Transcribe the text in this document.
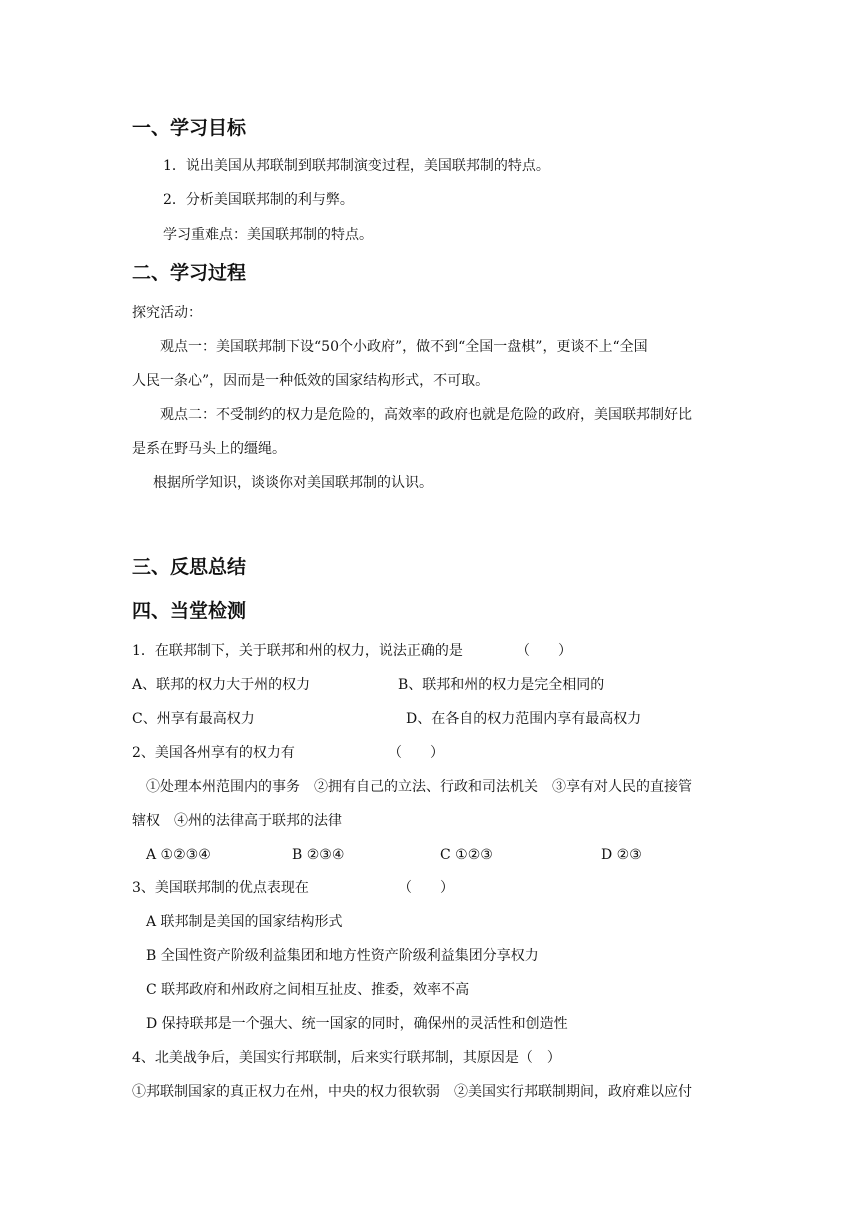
一、学习目标
1．说出美国从邦联制到联邦制演变过程，美国联邦制的特点。
2．分析美国联邦制的利与弊。
学习重难点：美国联邦制的特点。
二、学习过程
探究活动：
观点一：美国联邦制下设“50个小政府”，做不到“全国一盘棋”，更谈不上“全国
人民一条心”，因而是一种低效的国家结构形式，不可取。
观点二：不受制约的权力是危险的，高效率的政府也就是危险的政府，美国联邦制好比
是系在野马头上的缰绳。
根据所学知识，谈谈你对美国联邦制的认识。
三、反思总结
四、当堂检测
1．在联邦制下，关于联邦和州的权力，说法正确的是	（　　）
A、联邦的权力大于州的权力	B、联邦和州的权力是完全相同的
C、州享有最高权力	D、在各自的权力范围内享有最高权力
2、美国各州享有的权力有	（　　）
①处理本州范围内的事务　②拥有自己的立法、行政和司法机关　③享有对人民的直接管
辖权　④州的法律高于联邦的法律
A ①②③④	B ②③④	C ①②③	D ②③
3、美国联邦制的优点表现在	（　　）
A 联邦制是美国的国家结构形式
B 全国性资产阶级利益集团和地方性资产阶级利益集团分享权力
C 联邦政府和州政府之间相互扯皮、推委，效率不高
D 保持联邦是一个强大、统一国家的同时，确保州的灵活性和创造性
4、北美战争后，美国实行邦联制，后来实行联邦制，其原因是（　）
①邦联制国家的真正权力在州，中央的权力很软弱　②美国实行邦联制期间，政府难以应付
